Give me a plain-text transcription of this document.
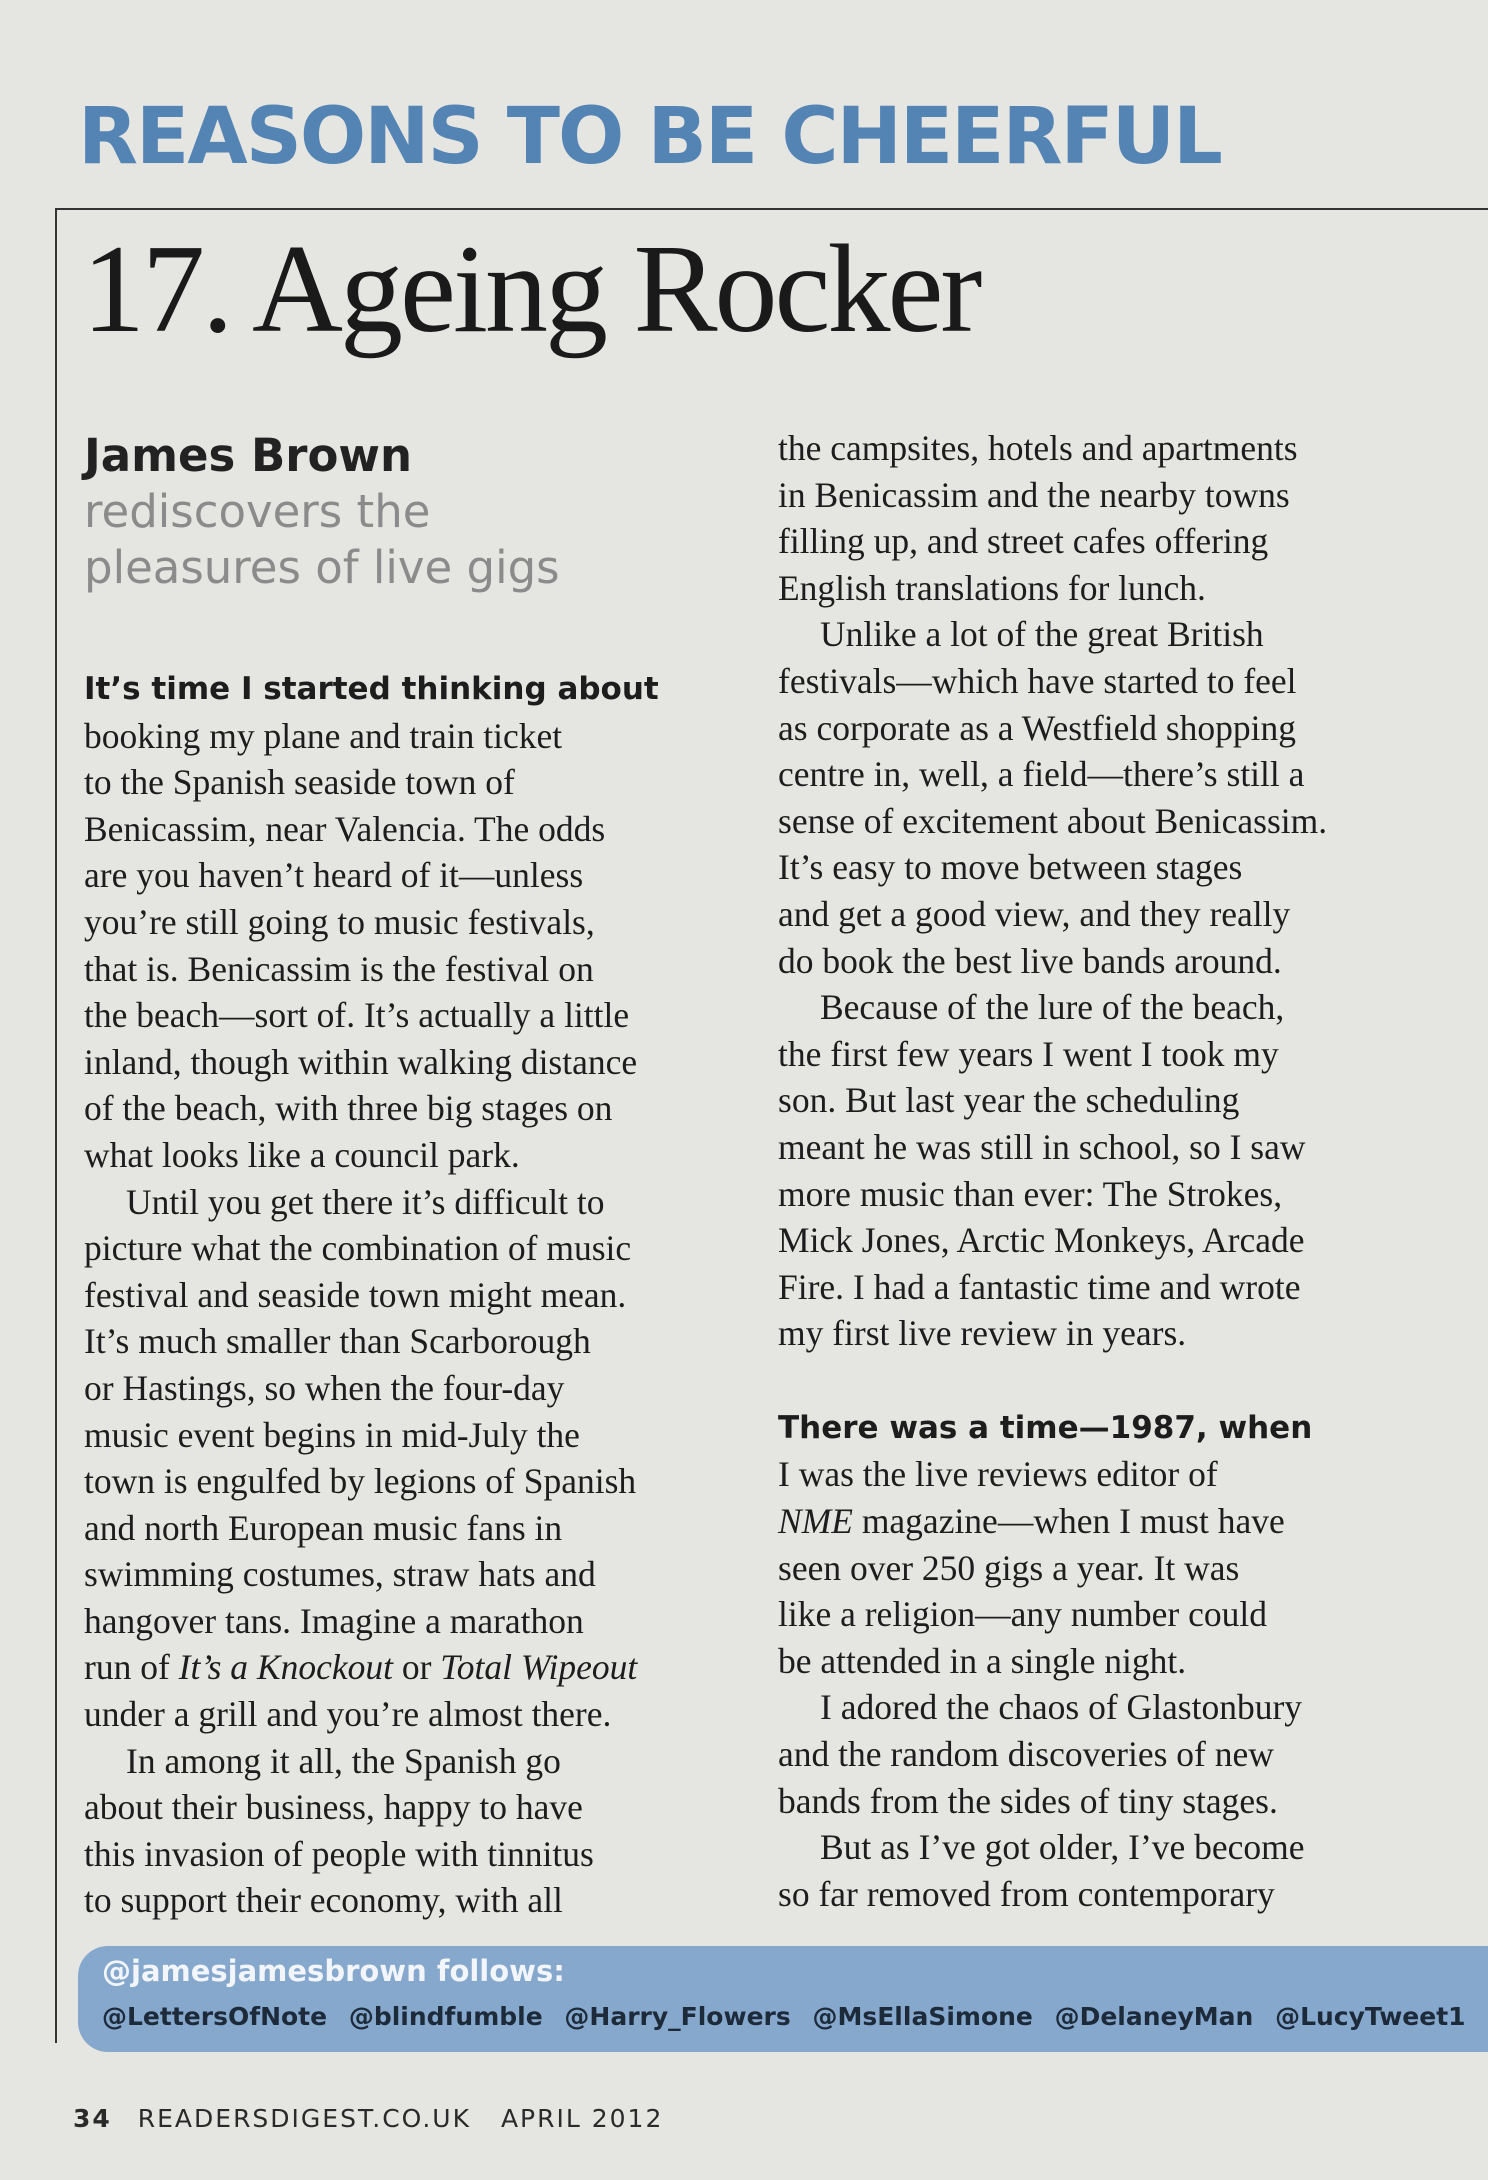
REASONS TO BE CHEERFUL
17. Ageing Rocker
James Brown
rediscovers the
pleasures of live gigs

It’s time I started thinking about
booking my plane and train ticket
to the Spanish seaside town of
Benicassim, near Valencia. The odds
are you haven’t heard of it—unless
you’re still going to music festivals,
that is. Benicassim is the festival on
the beach—sort of. It’s actually a little
inland, though within walking distance
of the beach, with three big stages on
what looks like a council park.

Until you get there it’s difficult to
picture what the combination of music
festival and seaside town might mean.
It’s much smaller than Scarborough
or Hastings, so when the four-day
music event begins in mid-July the
town is engulfed by legions of Spanish
and north European music fans in
swimming costumes, straw hats and
hangover tans. Imagine a marathon
run of It’s a Knockout or Total Wipeout
under a grill and you’re almost there.

In among it all, the Spanish go
about their business, happy to have
this invasion of people with tinnitus
to support their economy, with all

the campsites, hotels and apartments
in Benicassim and the nearby towns
filling up, and street cafes offering
English translations for lunch.

Unlike a lot of the great British
festivals—which have started to feel
as corporate as a Westfield shopping
centre in, well, a field—there’s still a
sense of excitement about Benicassim.
It’s easy to move between stages
and get a good view, and they really
do book the best live bands around.

Because of the lure of the beach,
the first few years I went I took my
son. But last year the scheduling
meant he was still in school, so I saw
more music than ever: The Strokes,
Mick Jones, Arctic Monkeys, Arcade
Fire. I had a fantastic time and wrote
my first live review in years.

There was a time—1987, when
I was the live reviews editor of
NME magazine—when I must have
seen over 250 gigs a year. It was
like a religion—any number could
be attended in a single night.

I adored the chaos of Glastonbury
and the random discoveries of new
bands from the sides of tiny stages.

But as I’ve got older, I’ve become
so far removed from contemporary

@jamesjamesbrown follows:
@LettersOfNote @blindfumble @Harry_Flowers @MsEllaSimone @DelaneyMan @LucyTweet1
34 READERSDIGEST.CO.UK APRIL 2012
